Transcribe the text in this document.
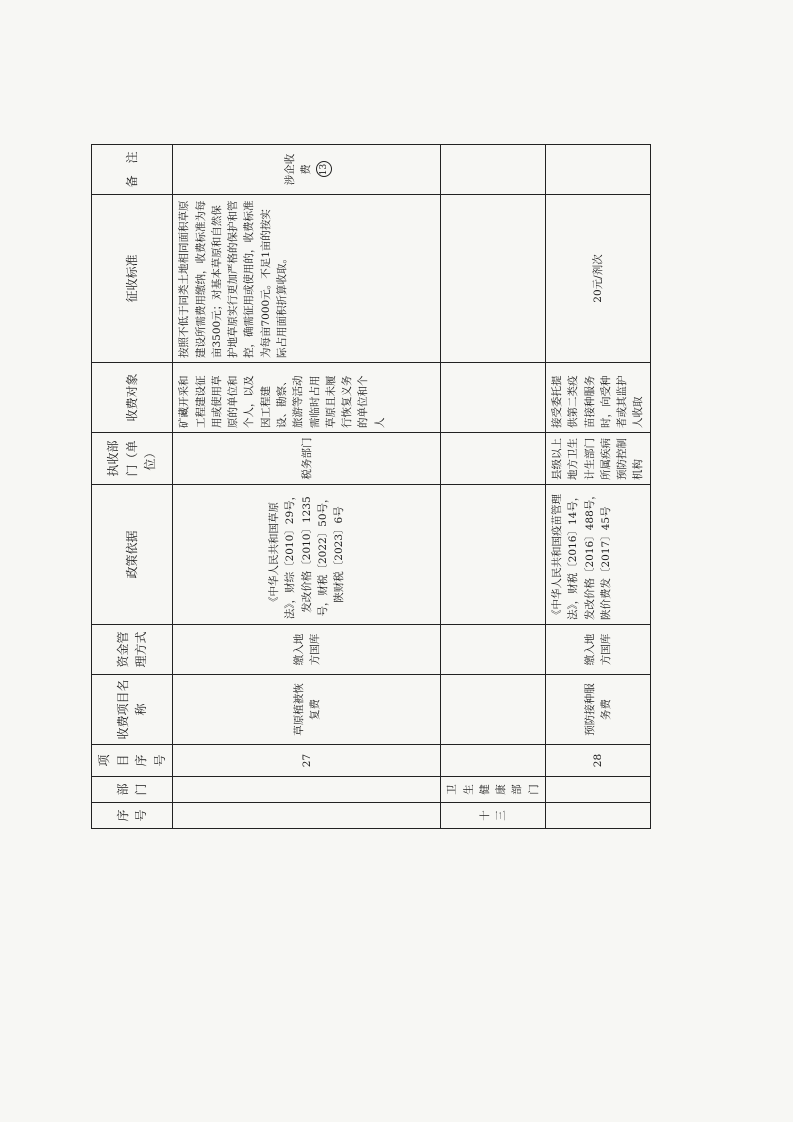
序号	部门	项目序号	收费项目名称	资金管理方式	政策依据	执收部门（单位）	收费对象	征收标准	备　注
		27	草原植被恢复费	缴入地方国库	《中华人民共和国草原法》，财综〔2010〕29号，发改价格〔2010〕1235号，财税〔2022〕50号，陕财税〔2023〕6号	税务部门	矿藏开采和工程建设征用或使用草原的单位和个人，以及因工程建设、勘察、旅游等活动需临时占用草原且未履行恢复义务的单位和个人	按照不低于同类土地相同面积草原建设所需费用缴纳，收费标准为每亩3500元；对基本草原和自然保护地草原实行更加严格的保护和管控，确需征用或使用的，收费标准为每亩7000元。不足1亩的按实际占用面积折算收取。	涉企收费 13
十三	卫生健康部门								
		28	预防接种服务费	缴入地方国库	《中华人民共和国疫苗管理法》，财税〔2016〕14号，发改价格〔2016〕488号，陕价费发〔2017〕45号	县级以上地方卫生计生部门所属疾病预防控制机构	接受委托提供第二类疫苗接种服务时，向受种者或其监护人收取	20元/剂次	
